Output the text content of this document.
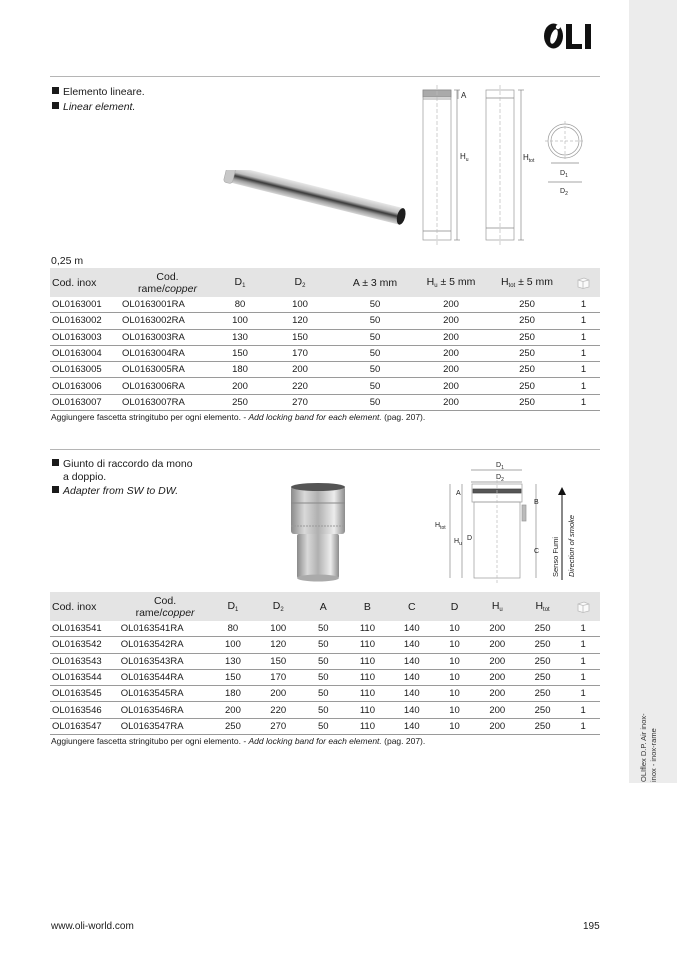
OLIflex D.P. Air inox- inox - inox-rame
Elemento lineare.
Linear element.
A
$H_u$	$H_{tot}$
$D_1$
$D_2$
0,25 m
Cod. inox	Cod.
rame/copper	$D_1$	$D_2$	A ± 3 mm	$H_u \pm 5$ mm	$H_{tot} \pm 5$ mm	
OL0163001	OL0163001RA	80	100	50	200	250	1
OL0163002	OL0163002RA	100	120	50	200	250	1
OL0163003	OL0163003RA	130	150	50	200	250	1
OL0163004	OL0163004RA	150	170	50	200	250	1
OL0163005	OL0163005RA	180	200	50	200	250	1
OL0163006	OL0163006RA	200	220	50	200	250	1
OL0163007	OL0163007RA	250	270	50	200	250	1
Aggiungere fascetta stringitubo per ogni elemento. - Add locking band for each element. (pag. 207).
Giunto di raccordo da mono
a doppio.
Adapter from SW to DW.
$D_1$
$D_2$
A
$H_{tot}$
$H_u$
D
B
C Senso Fumi Direction of smoke
Cod. inox	Cod.
rame/copper	$D_1$	$D_2$	A	B	C	D	$H_u$	$H_{tot}$	
OL0163541	OL0163541RA	80	100	50	110	140	10	200	250	1
OL0163542	OL0163542RA	100	120	50	110	140	10	200	250	1
OL0163543	OL0163543RA	130	150	50	110	140	10	200	250	1
OL0163544	OL0163544RA	150	170	50	110	140	10	200	250	1
OL0163545	OL0163545RA	180	200	50	110	140	10	200	250	1
OL0163546	OL0163546RA	200	220	50	110	140	10	200	250	1
OL0163547	OL0163547RA	250	270	50	110	140	10	200	250	1
Aggiungere fascetta stringitubo per ogni elemento. - Add locking band for each element. (pag. 207).
www.oli-world.com	195
